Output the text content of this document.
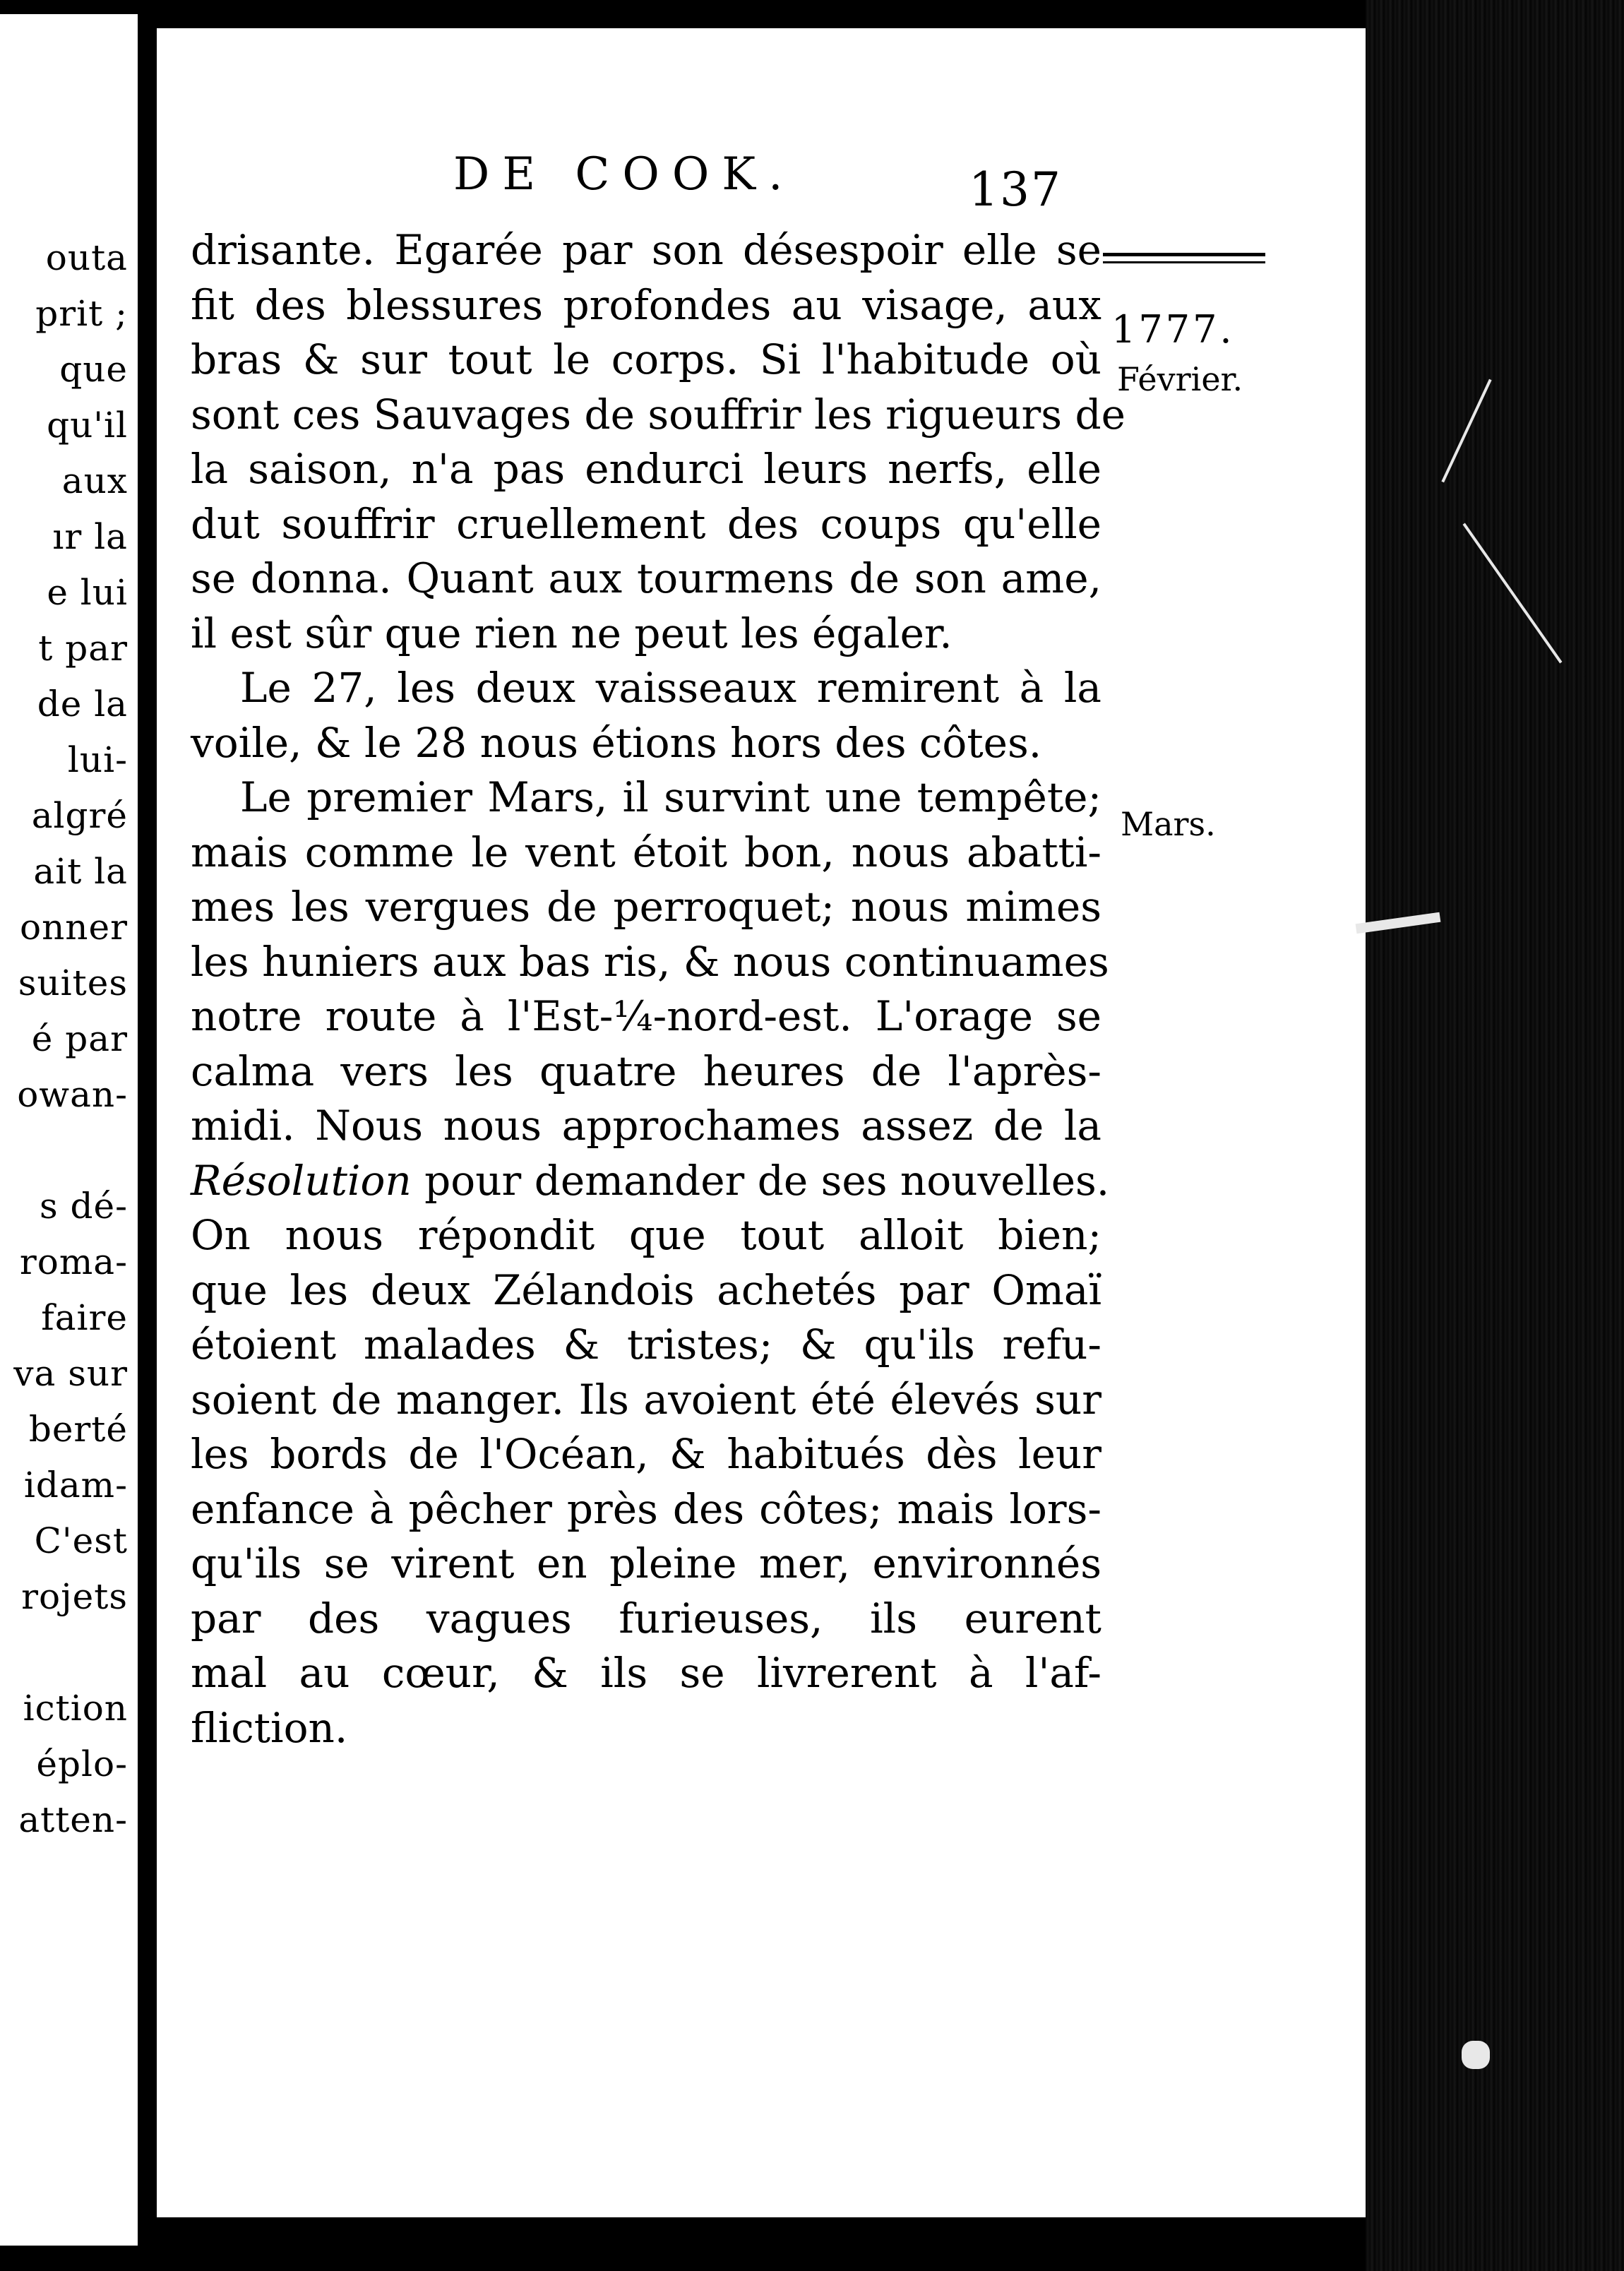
outa
prit ;
que
qu'il
aux
ır la
e lui
t par
de la
lui-
algré
ait la
onner
suites
é par
owan-
s dé-
roma-
faire
va sur
berté
idam-
C'est
rojets
iction
éplo-
atten-
DE COOK.	137
1777.
Février.
Mars.
drisante. Egarée par son désespoir elle se
fit des blessures profondes au visage, aux
bras & sur tout le corps. Si l'habitude où
sont ces Sauvages de souffrir les rigueurs de
la saison, n'a pas endurci leurs nerfs, elle
dut souffrir cruellement des coups qu'elle
se donna. Quant aux tourmens de son ame,
il est sûr que rien ne peut les égaler.
Le 27, les deux vaisseaux remirent à la
voile, & le 28 nous étions hors des côtes.
Le premier Mars, il survint une tempête;
mais comme le vent étoit bon, nous abatti-
mes les vergues de perroquet; nous mimes
les huniers aux bas ris, & nous continuames
notre route à l'Est-¼-nord-est. L'orage se
calma vers les quatre heures de l'après-
midi. Nous nous approchames assez de la
Résolution pour demander de ses nouvelles.
On nous répondit que tout alloit bien;
que les deux Zélandois achetés par Omaï
étoient malades & tristes; & qu'ils refu-
soient de manger. Ils avoient été élevés sur
les bords de l'Océan, & habitués dès leur
enfance à pêcher près des côtes; mais lors-
qu'ils se virent en pleine mer, environnés
par des vagues furieuses, ils eurent
mal au cœur, & ils se livrerent à l'af-
fliction.
